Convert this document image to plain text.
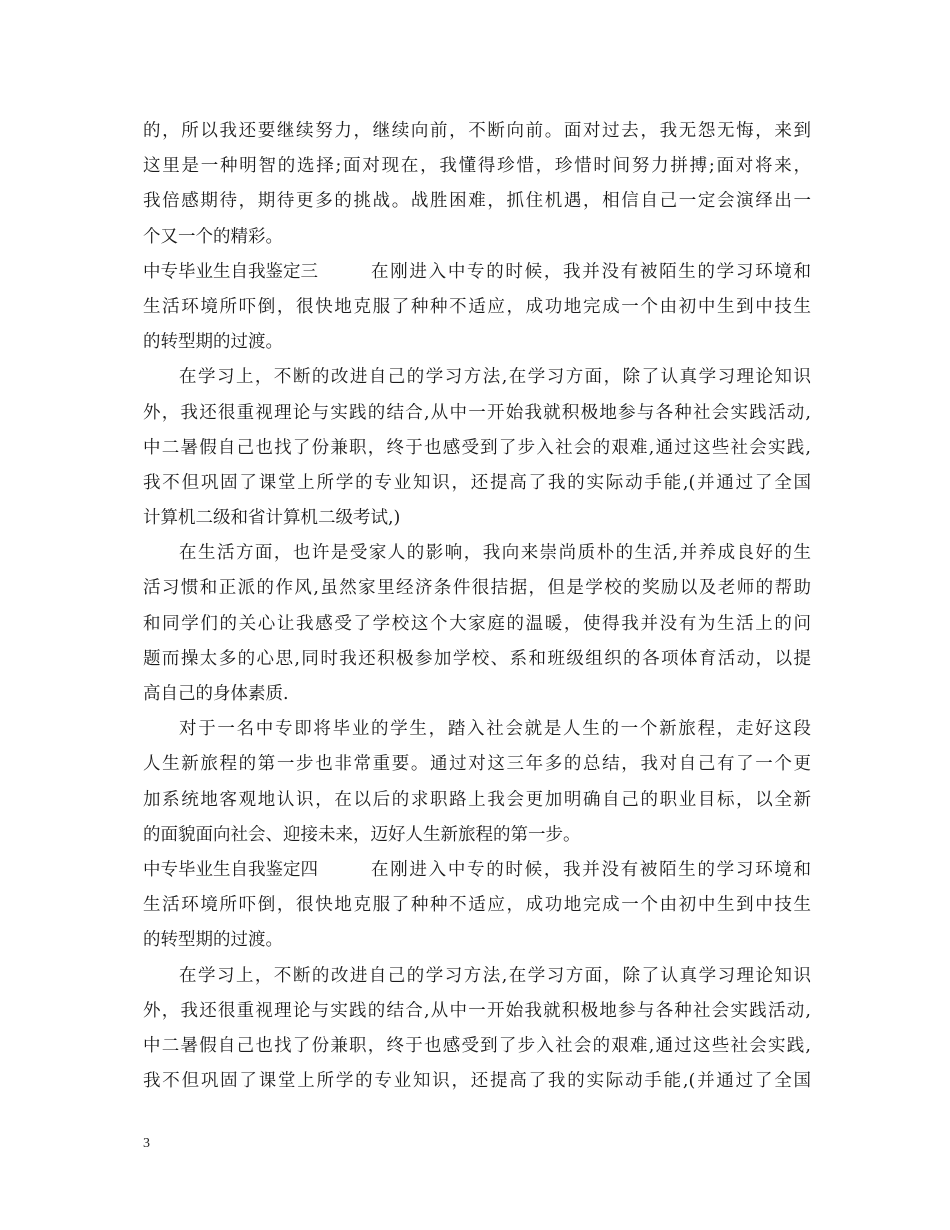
的，所以我还要继续努力，继续向前，不断向前。面对过去，我无怨无悔，来到
这里是一种明智的选择;面对现在，我懂得珍惜，珍惜时间努力拼搏;面对将来，
我倍感期待，期待更多的挑战。战胜困难，抓住机遇，相信自己一定会演绎出一
个又一个的精彩。
中专毕业生自我鉴定三	在刚进入中专的时候，我并没有被陌生的学习环境和
生活环境所吓倒，很快地克服了种种不适应，成功地完成一个由初中生到中技生
的转型期的过渡。
在学习上，不断的改进自己的学习方法,在学习方面，除了认真学习理论知识
外，我还很重视理论与实践的结合,从中一开始我就积极地参与各种社会实践活动,
中二暑假自己也找了份兼职，终于也感受到了步入社会的艰难,通过这些社会实践,
我不但巩固了课堂上所学的专业知识，还提高了我的实际动手能,(并通过了全国
计算机二级和省计算机二级考试,)
在生活方面，也许是受家人的影响，我向来崇尚质朴的生活,并养成良好的生
活习惯和正派的作风,虽然家里经济条件很拮据，但是学校的奖励以及老师的帮助
和同学们的关心让我感受了学校这个大家庭的温暖，使得我并没有为生活上的问
题而操太多的心思,同时我还积极参加学校、系和班级组织的各项体育活动，以提
高自己的身体素质.
对于一名中专即将毕业的学生，踏入社会就是人生的一个新旅程，走好这段
人生新旅程的第一步也非常重要。通过对这三年多的总结，我对自己有了一个更
加系统地客观地认识，在以后的求职路上我会更加明确自己的职业目标，以全新
的面貌面向社会、迎接未来，迈好人生新旅程的第一步。
中专毕业生自我鉴定四	在刚进入中专的时候，我并没有被陌生的学习环境和
生活环境所吓倒，很快地克服了种种不适应，成功地完成一个由初中生到中技生
的转型期的过渡。
在学习上，不断的改进自己的学习方法,在学习方面，除了认真学习理论知识
外，我还很重视理论与实践的结合,从中一开始我就积极地参与各种社会实践活动,
中二暑假自己也找了份兼职，终于也感受到了步入社会的艰难,通过这些社会实践,
我不但巩固了课堂上所学的专业知识，还提高了我的实际动手能,(并通过了全国
3
